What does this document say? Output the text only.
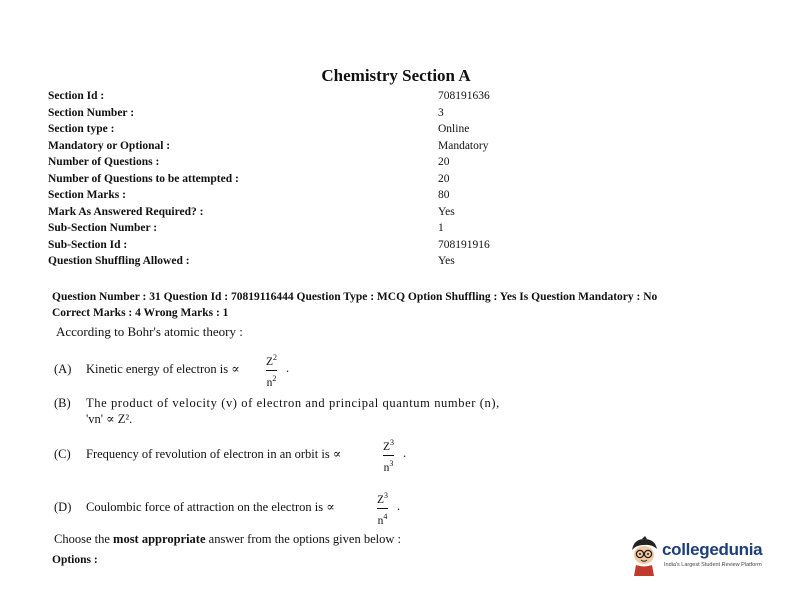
Chemistry Section A
Section Id :	708191636
Section Number :	3
Section type :	Online
Mandatory or Optional :	Mandatory
Number of Questions :	20
Number of Questions to be attempted :	20
Section Marks :	80
Mark As Answered Required? :	Yes
Sub-Section Number :	1
Sub-Section Id :	708191916
Question Shuffling Allowed :	Yes
Question Number : 31 Question Id : 70819116444 Question Type : MCQ Option Shuffling : Yes Is Question Mandatory : No
Correct Marks : 4 Wrong Marks : 1
According to Bohr's atomic theory :
(A) Kinetic energy of electron is ∝
$Z^2$
$n^2$
.
(B) The product of velocity (v) of electron and principal quantum number (n),
'vn' ∝ Z².
(C) Frequency of revolution of electron in an orbit is ∝
$Z^3$
$n^3$
.
(D) Coulombic force of attraction on the electron is ∝
$Z^3$
$n^4$
.
Choose the most appropriate answer from the options given below :
Options :
collegedunia
India's Largest Student Review Platform
